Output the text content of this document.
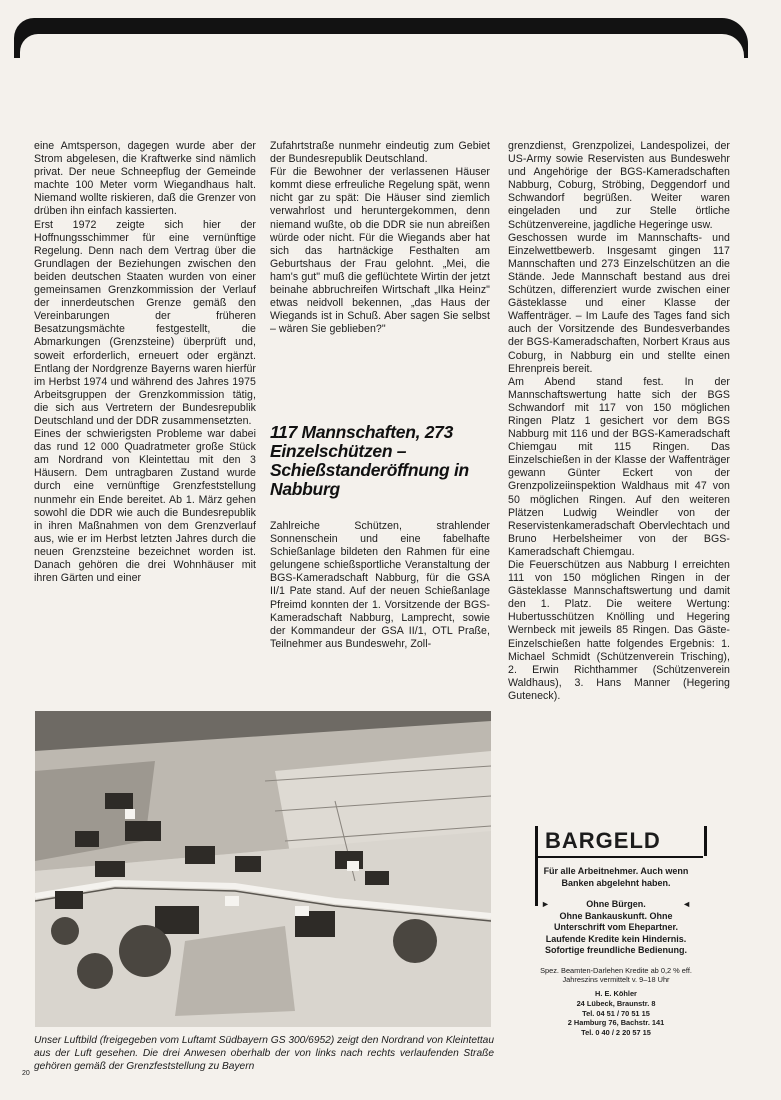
eine Amtsperson, dagegen wurde aber der Strom abgelesen, die Kraftwerke sind nämlich privat. Der neue Schneepflug der Gemeinde machte 100 Meter vorm Wiegandhaus halt. Niemand wollte riskieren, daß die Grenzer von drüben ihn einfach kassierten.

Erst 1972 zeigte sich hier der Hoffnungsschimmer für eine vernünftige Regelung. Denn nach dem Vertrag über die Grundlagen der Beziehungen zwischen den beiden deutschen Staaten wurden von einer gemeinsamen Grenzkommission der Verlauf der innerdeutschen Grenze gemäß den Vereinbarungen der früheren Besatzungsmächte festgestellt, die Abmarkungen (Grenzsteine) überprüft und, soweit erforderlich, erneuert oder ergänzt. Entlang der Nordgrenze Bayerns waren hierfür im Herbst 1974 und während des Jahres 1975 Arbeitsgruppen der Grenzkommission tätig, die sich aus Vertretern der Bundesrepublik Deutschland und der DDR zusammensetzten.

Eines der schwierigsten Probleme war dabei das rund 12 000 Quadratmeter große Stück am Nordrand von Kleintettau mit den 3 Häusern. Dem untragbaren Zustand wurde durch eine vernünftige Grenzfeststellung nunmehr ein Ende bereitet. Ab 1. März gehen sowohl die DDR wie auch die Bundesrepublik in ihren Maßnahmen von dem Grenzverlauf aus, wie er im Herbst letzten Jahres durch die neuen Grenzsteine bezeichnet worden ist. Danach gehören die drei Wohnhäuser mit ihren Gärten und einer

Zufahrtstraße nunmehr eindeutig zum Gebiet der Bundesrepublik Deutschland.

Für die Bewohner der verlassenen Häuser kommt diese erfreuliche Regelung spät, wenn nicht gar zu spät: Die Häuser sind ziemlich verwahrlost und heruntergekommen, denn niemand wußte, ob die DDR sie nun abreißen würde oder nicht. Für die Wiegands aber hat sich das hartnäckige Festhalten am Geburtshaus der Frau gelohnt. „Mei, die ham's gut" muß die geflüchtete Wirtin der jetzt beinahe abbruchreifen Wirtschaft „Ilka Heinz" etwas neidvoll bekennen, „das Haus der Wiegands ist in Schuß. Aber sagen Sie selbst – wären Sie geblieben?"

117 Mannschaften, 273 Einzelschützen – Schießstanderöffnung in Nabburg

Zahlreiche Schützen, strahlender Sonnenschein und eine fabelhafte Schießanlage bildeten den Rahmen für eine gelungene schießsportliche Veranstaltung der BGS-Kameradschaft Nabburg, für die GSA II/1 Pate stand. Auf der neuen Schießanlage Pfreimd konnten der 1. Vorsitzende der BGS-Kameradschaft Nabburg, Lamprecht, sowie der Kommandeur der GSA II/1, OTL Praße, Teilnehmer aus Bundeswehr, Zoll-

grenzdienst, Grenzpolizei, Landespolizei, der US-Army sowie Reservisten aus Bundeswehr und Angehörige der BGS-Kameradschaften Nabburg, Coburg, Ströbing, Deggendorf und Schwandorf begrüßen. Weiter waren eingeladen und zur Stelle örtliche Schützenvereine, jagdliche Hegeringe usw.

Geschossen wurde im Mannschafts- und Einzelwettbewerb. Insgesamt gingen 117 Mannschaften und 273 Einzelschützen an die Stände. Jede Mannschaft bestand aus drei Schützen, differenziert wurde zwischen einer Gästeklasse und einer Klasse der Waffenträger. – Im Laufe des Tages fand sich auch der Vorsitzende des Bundesverbandes der BGS-Kameradschaften, Norbert Kraus aus Coburg, in Nabburg ein und stellte einen Ehrenpreis bereit.

Am Abend stand fest. In der Mannschaftswertung hatte sich der BGS Schwandorf mit 117 von 150 möglichen Ringen Platz 1 gesichert vor dem BGS Nabburg mit 116 und der BGS-Kameradschaft Chiemgau mit 115 Ringen. Das Einzelschießen in der Klasse der Waffenträger gewann Günter Eckert von der Grenzpolizeiinspektion Waldhaus mit 47 von 50 möglichen Ringen. Auf den weiteren Plätzen Ludwig Weindler von der Reservistenkameradschaft Obervlechtach und Bruno Herbelsheimer von der BGS-Kameradschaft Chiemgau.

Die Feuerschützen aus Nabburg I erreichten 111 von 150 möglichen Ringen in der Gästeklasse Mannschaftswertung und damit den 1. Platz. Die weitere Wertung: Hubertusschützen Knölling und Hegering Wernbeck mit jeweils 85 Ringen. Das Gäste-Einzelschießen hatte folgendes Ergebnis: 1. Michael Schmidt (Schützenverein Trisching), 2. Erwin Richthammer (Schützenverein Waldhaus), 3. Hans Manner (Hegering Guteneck).

Unser Luftbild (freigegeben vom Luftamt Südbayern GS 300/6952) zeigt den Nordrand von Kleintettau aus der Luft gesehen. Die drei Anwesen oberhalb der von links nach rechts verlaufenden Straße gehören gemäß der Grenzfeststellung zu Bayern
20
BARGELD
Für alle Arbeitnehmer. Auch wenn Banken abgelehnt haben.
►	Ohne Bürgen.	◄
Ohne Bankauskunft. Ohne Unterschrift vom Ehepartner. Laufende Kredite kein Hindernis. Sofortige freundliche Bedienung.
Spez. Beamten-Darlehen Kredite ab 0,2 % eff. Jahreszins vermittelt v. 9–18 Uhr
H. E. Köhler
24 Lübeck, Braunstr. 8
Tel. 04 51 / 70 51 15
2 Hamburg 76, Bachstr. 141
Tel. 0 40 / 2 20 57 15
